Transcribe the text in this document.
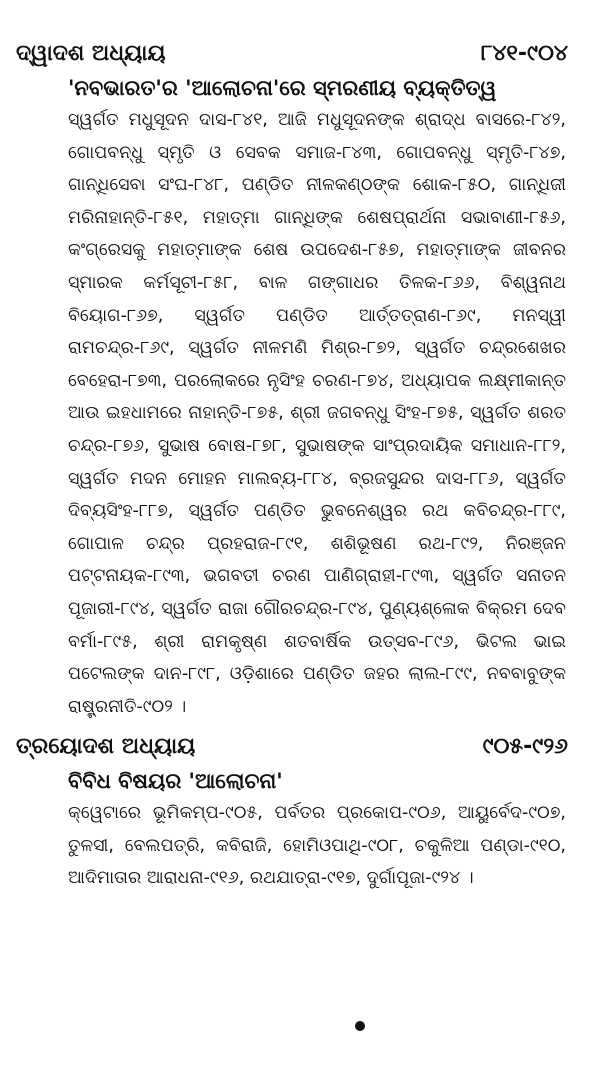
ଦ୍ୱାଦଶ ଅଧ୍ୟାୟ	୮୪୧-୯୦୪
'ନବଭାରତ'ର 'ଆଲୋଚନା'ରେ ସ୍ମରଣୀୟ ବ୍ୟକ୍ତିତ୍ୱ

ସ୍ୱର୍ଗତ ମଧୁସୂଦନ ଦାସ-୮୪୧, ଆଜି ମଧୁସୂଦନଙ୍କ ଶ୍ରାଦ୍ଧ ବାସରେ-୮୪୨, ଗୋପବନ୍ଧୁ ସ୍ମୃତି ଓ ସେବକ ସମାଜ-୮୪୩, ଗୋପବନ୍ଧୁ ସ୍ମୃତି-୮୪୭, ଗାନ୍ଧିସେବା ସଂଘ-୮୪୮, ପଣ୍ଡିତ ନୀଳକଣ୍ଠଙ୍କ ଶୋକ-୮୫୦, ଗାନ୍ଧିଜୀ ମରିନାହାନ୍ତି-୮୫୧, ମହାତ୍ମା ଗାନ୍ଧିଙ୍କ ଶେଷପ୍ରାର୍ଥନା ସଭାବାଣୀ-୮୫୬, କଂଗ୍ରେସକୁ ମହାତ୍ମାଙ୍କ ଶେଷ ଉପଦେଶ-୮୫୭, ମହାତ୍ମାଙ୍କ ଜୀବନର ସ୍ମାରକ କର୍ମସୂଚୀ-୮୫୮, ବାଳ ଗଙ୍ଗାଧର ତିଳକ-୮୬୬, ବିଶ୍ୱନାଥ ବିୟୋଗ-୮୬୭, ସ୍ୱର୍ଗତ ପଣ୍ଡିତ ଆର୍ତ୍ତତ୍ରାଣ-୮୬୯, ମନସ୍ୱୀ ରାମଚନ୍ଦ୍ର-୮୬୯, ସ୍ୱର୍ଗତ ନୀଳମଣି ମିଶ୍ର-୮୭୨, ସ୍ୱର୍ଗତ ଚନ୍ଦ୍ରଶେଖର ବେହେରା-୮୭୩, ପରଲୋକରେ ନୃସିଂହ ଚରଣ-୮୭୪, ଅଧ୍ୟାପକ ଲକ୍ଷ୍ମୀକାନ୍ତ ଆଉ ଇହଧାମରେ ନାହାନ୍ତି-୮୭୫, ଶ୍ରୀ ଜଗବନ୍ଧୁ ସିଂହ-୮୭୫, ସ୍ୱର୍ଗତ ଶରତ ଚନ୍ଦ୍ର-୮୭୬, ସୁଭାଷ ବୋଷ-୮୭୮, ସୁଭାଷଙ୍କ ସାଂପ୍ରଦାୟିକ ସମାଧାନ-୮୮୨, ସ୍ୱର୍ଗତ ମଦନ ମୋହନ ମାଲବ୍ୟ-୮୮୪, ବ୍ରଜସୁନ୍ଦର ଦାସ-୮୮୬, ସ୍ୱର୍ଗତ ଦିବ୍ୟସିଂହ-୮୮୭, ସ୍ୱର୍ଗତ ପଣ୍ଡିତ ଭୁବନେଶ୍ୱର ରଥ କବିଚନ୍ଦ୍ର-୮୮୯, ଗୋପାଳ ଚନ୍ଦ୍ର ପ୍ରହରାଜ-୮୯୧, ଶଶିଭୂଷଣ ରଥ-୮୯୨, ନିରଞ୍ଜନ ପଟ୍ଟନାୟକ-୮୯୩, ଭଗବତୀ ଚରଣ ପାଣିଗ୍ରାହୀ-୮୯୩, ସ୍ୱର୍ଗତ ସନାତନ ପୂଜାରୀ-୮୯୪, ସ୍ୱର୍ଗତ ରାଜା ଗୌରଚନ୍ଦ୍ର-୮୯୪, ପୁଣ୍ୟଶ୍ଳୋକ ବିକ୍ରମ ଦେବ ବର୍ମା-୮୯୫, ଶ୍ରୀ ରାମକୃଷ୍ଣ ଶତବାର୍ଷିକ ଉତ୍ସବ-୮୯୬, ଭିଟଲ ଭାଇ ପଟେଲଙ୍କ ଦାନ-୮୯୮, ଓଡ଼ିଶାରେ ପଣ୍ଡିତ ଜହର ଲାଲ-୮୯୯, ନବବାବୁଙ୍କ ରାଷ୍ଟ୍ରନୀତି-୯୦୨ ।

ତ୍ରୟୋଦଶ ଅଧ୍ୟାୟ	୯୦୫-୯୨୬
ବିବିଧ ବିଷୟର 'ଆଲୋଚନା'

କ୍ୱେଟାରେ ଭୂମିକମ୍ପ-୯୦୫, ପର୍ବତର ପ୍ରକୋପ-୯୦୬, ଆୟୁର୍ବେଦ-୯୦୭, ତୁଳସୀ, ବେଲପତ୍ରି, କବିରାଜି, ହୋମିଓପାଥି-୯୦୮, ଚକୁଳିଆ ପଣ୍ଡା-୯୧୦, ଆଦିମାତାର ଆରାଧନା-୯୧୬, ରଥଯାତ୍ରା-୯୧୭, ଦୁର୍ଗାପୂଜା-୯୨୪ ।
